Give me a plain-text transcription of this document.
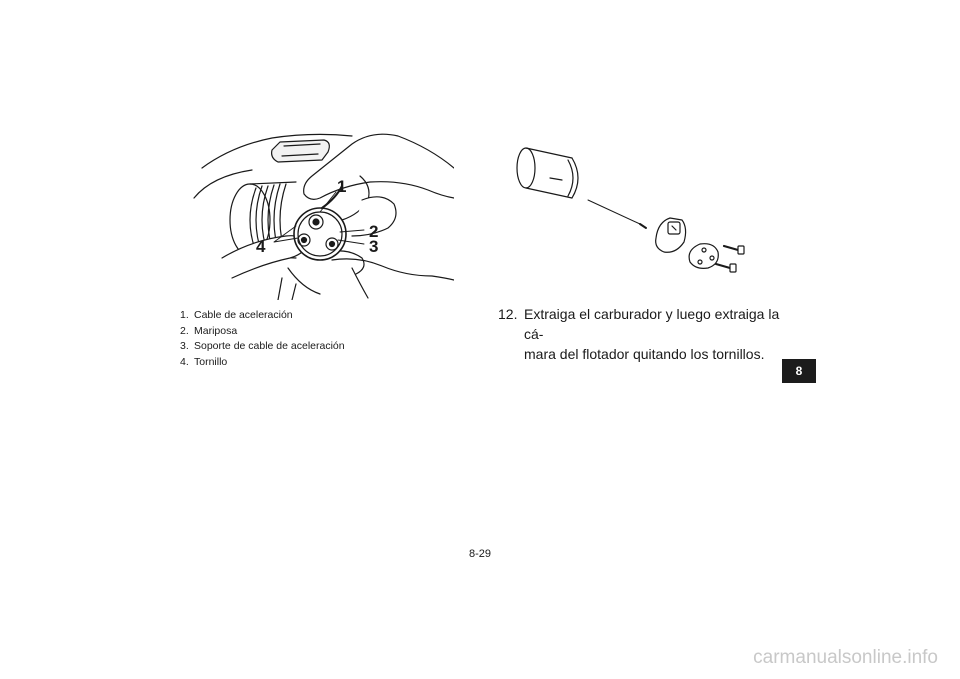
1
2
3
4
1. Cable de aceleración
2. Mariposa
3. Soporte de cable de aceleración
4. Tornillo
12. Extraiga el carburador y luego extraiga la cá-
mara del flotador quitando los tornillos.
8
8-29
carmanualsonline.info
